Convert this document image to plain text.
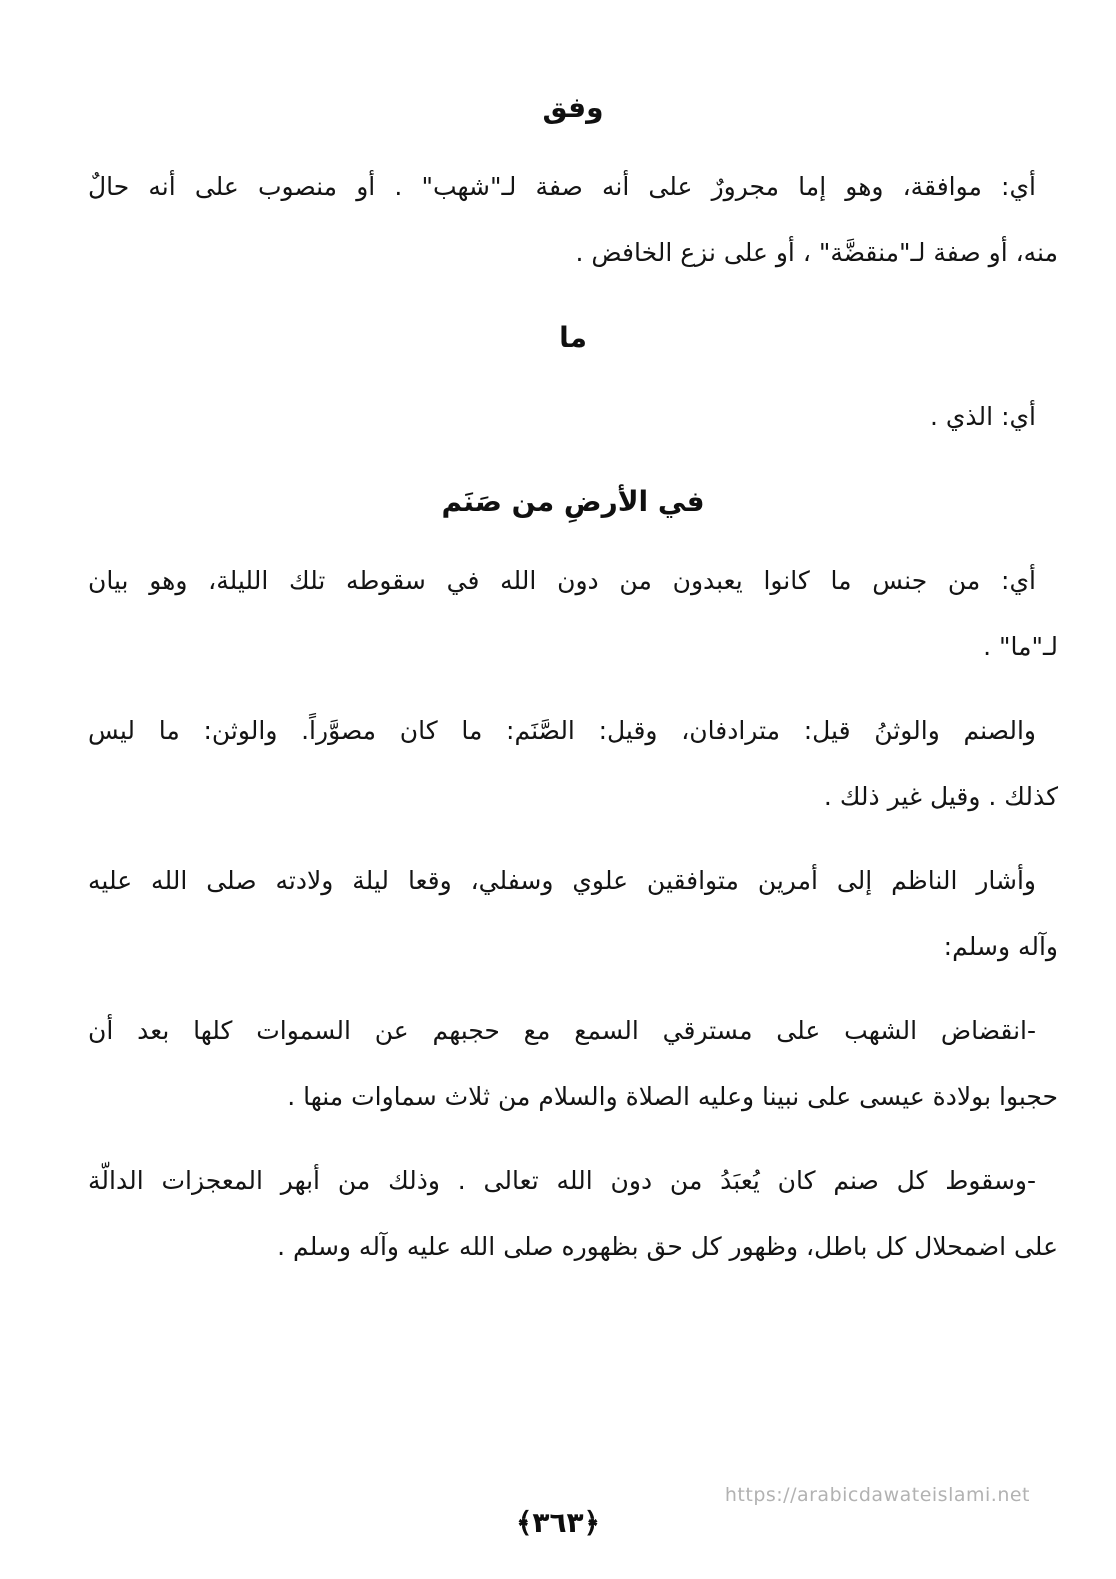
وفق
أي: موافقة، وهو إما مجرورٌ على أنه صفة لـ"شهب" . أو منصوب على أنه حالٌ
منه، أو صفة لـ"منقضَّة" ، أو على نزع الخافض .
ما
أي: الذي .
في الأرضِ من صَنَم
أي: من جنس ما كانوا يعبدون من دون الله في سقوطه تلك الليلة، وهو بيان
لـ"ما" .
والصنم والوثنُ قيل: مترادفان، وقيل: الصَّنَم: ما كان مصوَّراً. والوثن: ما ليس
كذلك . وقيل غير ذلك .
وأشار الناظم إلى أمرين متوافقين علوي وسفلي، وقعا ليلة ولادته صلى الله عليه
وآله وسلم:
-انقضاض الشهب على مسترقي السمع مع حجبهم عن السموات كلها بعد أن
حجبوا بولادة عيسى على نبينا وعليه الصلاة والسلام من ثلاث سماوات منها .
-وسقوط كل صنم كان يُعبَدُ من دون الله تعالى . وذلك من أبهر المعجزات الدالّة
على اضمحلال كل باطل، وظهور كل حق بظهوره صلى الله عليه وآله وسلم .
https://arabicdawateislami.net
﴿٣٦٣﴾
